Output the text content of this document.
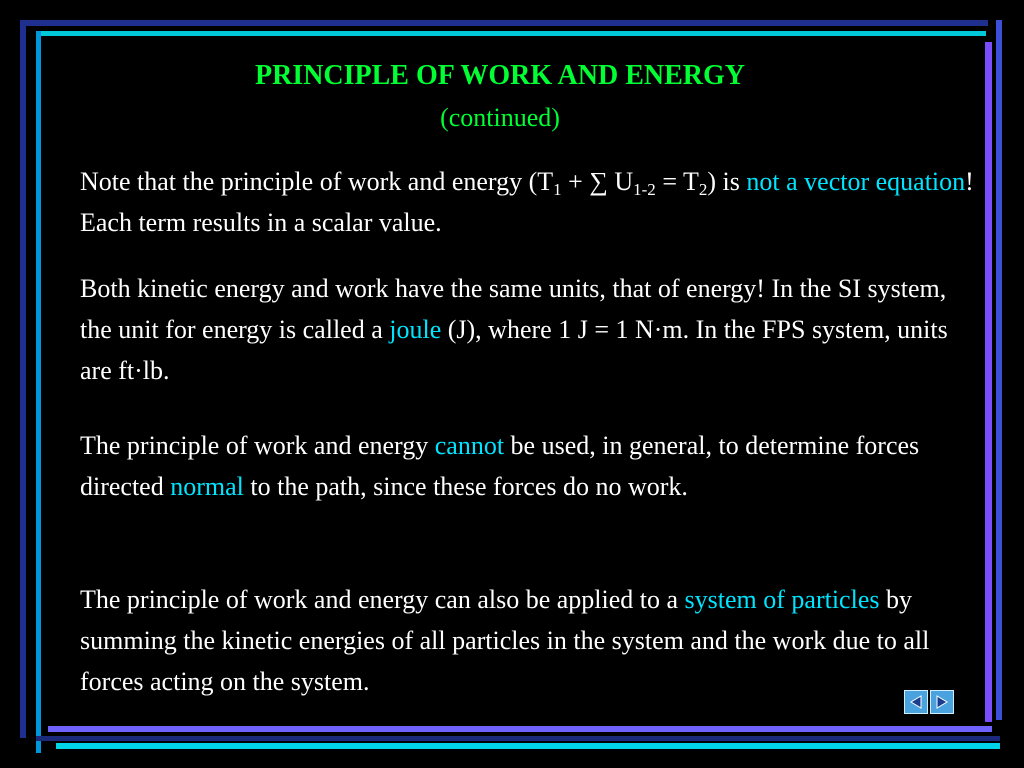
PRINCIPLE OF WORK AND ENERGY
(continued)
Note that the principle of work and energy ($T_1$ + ∑ $U_{1-2} = T_2$) is not a vector equation! Each term results in a scalar value.
Both kinetic energy and work have the same units, that of energy! In the SI system, the unit for energy is called a joule (J), where 1 J = 1 N·m. In the FPS system, units are ft·lb.
The principle of work and energy cannot be used, in general, to determine forces directed normal to the path, since these forces do no work.
The principle of work and energy can also be applied to a system of particles by summing the kinetic energies of all particles in the system and the work due to all forces acting on the system.
